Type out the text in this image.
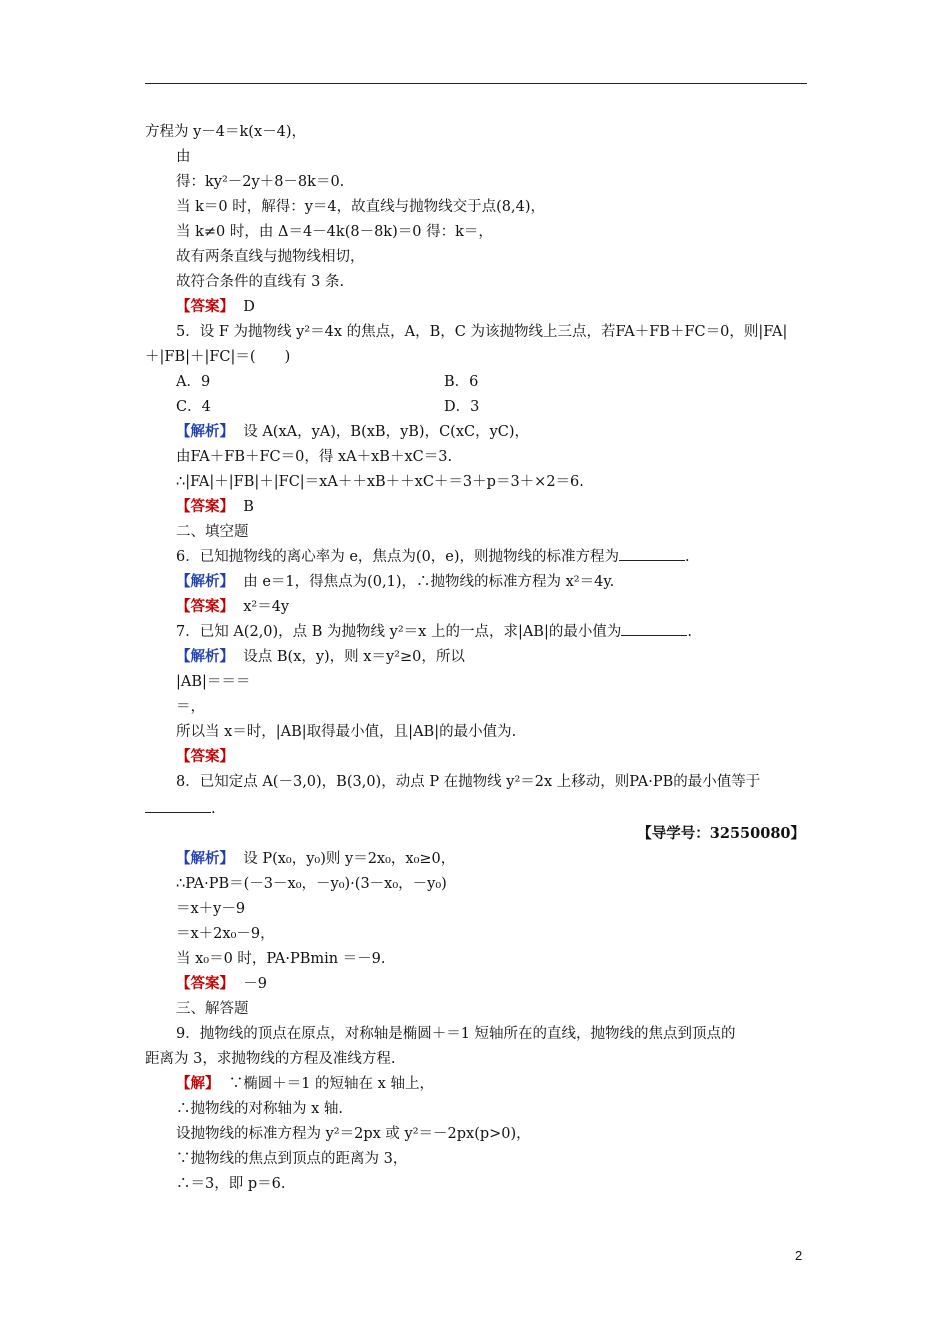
方程为 y－4＝k(x－4)，
由
得：ky²－2y＋8－8k＝0.
当 k＝0 时，解得：y＝4，故直线与抛物线交于点(8,4)，
当 k≠0 时，由 Δ＝4－4k(8－8k)＝0 得：k＝，
故有两条直线与抛物线相切，
故符合条件的直线有 3 条.
【答案】 D
5．设 F 为抛物线 y²＝4x 的焦点，A，B，C 为该抛物线上三点，若FA＋FB＋FC＝0，则|FA|
＋|FB|＋|FC|＝(　　)
A．9	B．6
C．4	D．3
【解析】 设 A(xA，yA)，B(xB，yB)，C(xC，yC)，
由FA＋FB＋FC＝0，得 xA＋xB＋xC＝3.
∴|FA|＋|FB|＋|FC|＝xA＋＋xB＋＋xC＋＝3＋p＝3＋×2＝6.
【答案】 B
二、填空题
6．已知抛物线的离心率为 e，焦点为(0，e)，则抛物线的标准方程为	.
【解析】 由 e＝1，得焦点为(0,1)，∴抛物线的标准方程为 x²＝4y.
【答案】 x²＝4y
7．已知 A(2,0)，点 B 为抛物线 y²＝x 上的一点，求|AB|的最小值为	.
【解析】 设点 B(x，y)，则 x＝y²≥0，所以
|AB|＝＝＝
＝，
所以当 x＝时，|AB|取得最小值，且|AB|的最小值为.
【答案】
8．已知定点 A(－3,0)，B(3,0)，动点 P 在抛物线 y²＝2x 上移动，则PA·PB的最小值等于
.
【导学号：32550080】
【解析】 设 P(x₀，y₀)则 y＝2x₀，x₀≥0，
∴PA·PB＝(－3－x₀，－y₀)·(3－x₀，－y₀)
＝x＋y－9
＝x＋2x₀－9，
当 x₀＝0 时，PA·PBmin ＝－9.
【答案】 －9
三、解答题
9．抛物线的顶点在原点，对称轴是椭圆＋＝1 短轴所在的直线，抛物线的焦点到顶点的
距离为 3，求抛物线的方程及准线方程.
【解】 ∵椭圆＋＝1 的短轴在 x 轴上，
∴抛物线的对称轴为 x 轴.
设抛物线的标准方程为 y²＝2px 或 y²＝－2px(p>0)，
∵抛物线的焦点到顶点的距离为 3，
∴＝3，即 p＝6.
2
